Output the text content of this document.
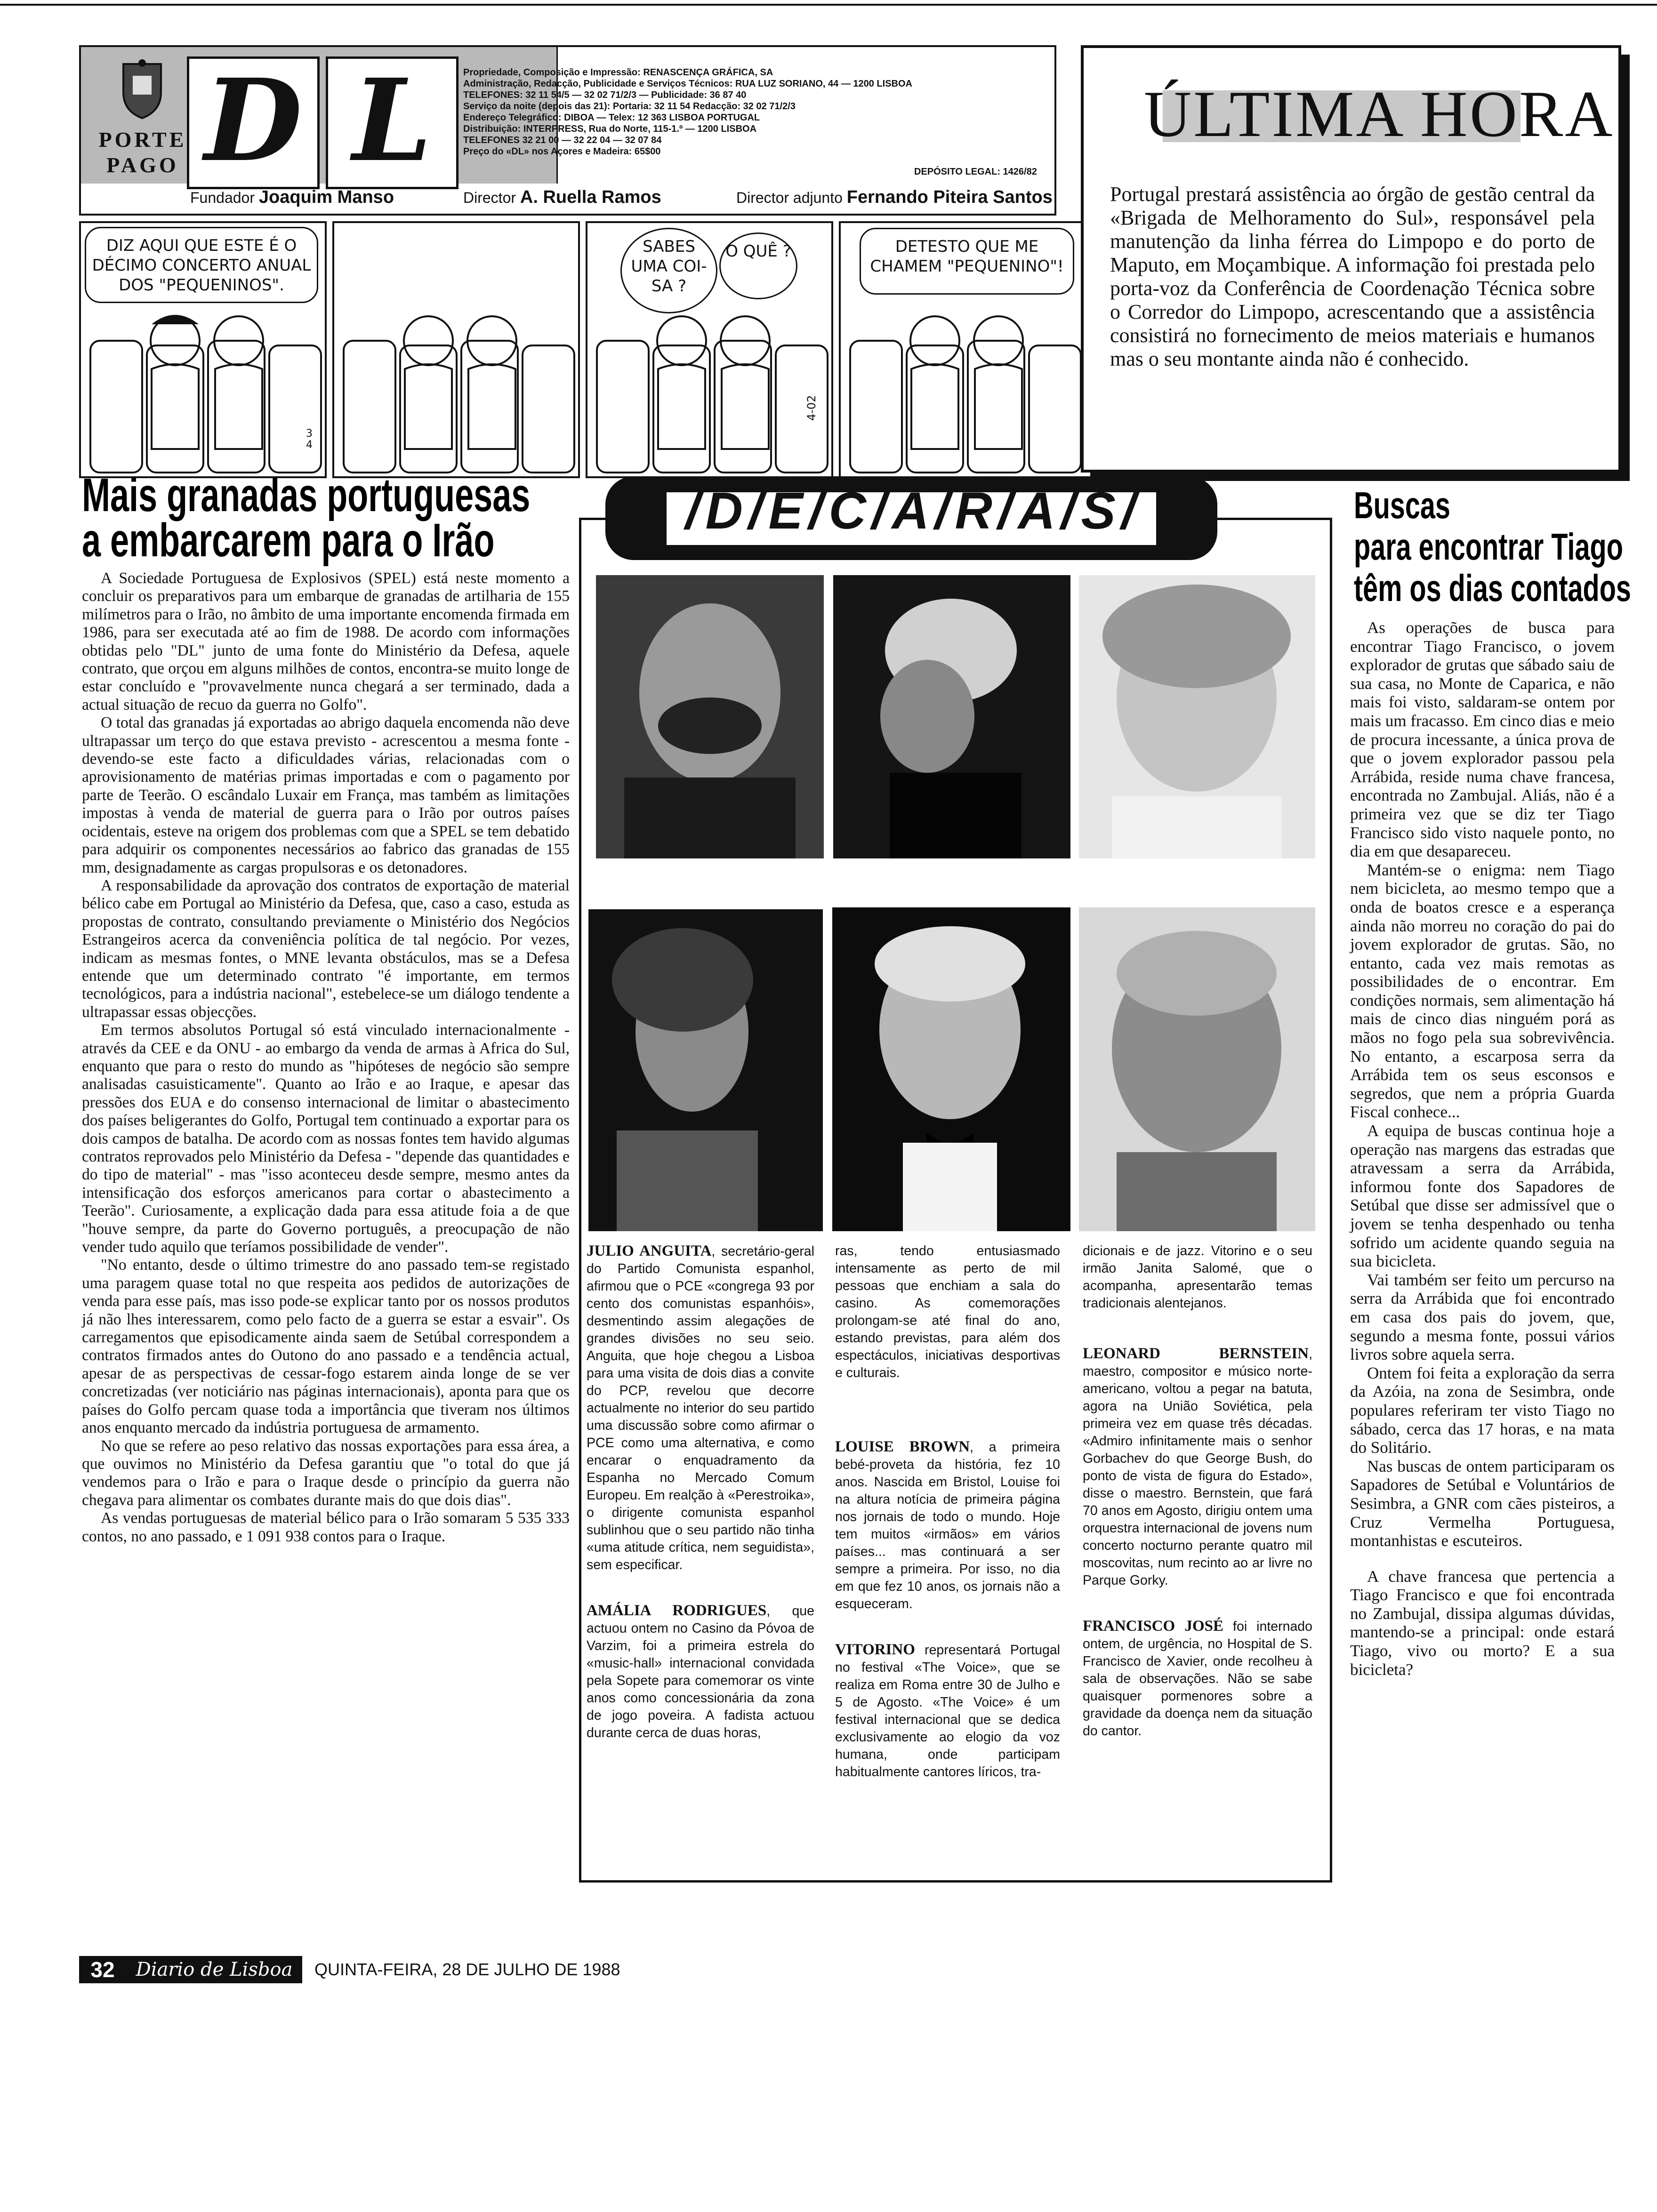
PORTE
PAGO D L	Propriedade, Composição e Impressão: RENASCENÇA GRÁFICA, SA
Administração, Redacção, Publicidade e Serviços Técnicos: RUA LUZ SORIANO, 44 — 1200 LISBOA
TELEFONES: 32 11 54/5 — 32 02 71/2/3 — Publicidade: 36 87 40
Serviço da noite (depois das 21): Portaria: 32 11 54 Redacção: 32 02 71/2/3
Endereço Telegráfico: DIBOA — Telex: 12 363 LISBOA PORTUGAL
Distribuição: INTERPRESS, Rua do Norte, 115-1.º — 1200 LISBOA
TELEFONES 32 21 00 — 32 22 04 — 32 07 84
Preço do «DL» nos Açores e Madeira: 65$00
DEPÓSITO LEGAL: 1426/82
Fundador Joaquim Manso	Director A. Ruella Ramos	Director adjunto Fernando Piteira Santos
DIZ AQUI QUE ESTE É O DÉCIMO CONCERTO ANUAL DOS "PEQUENINOS".
3 4
SABES UMA COI- SA ?
O QUÊ ?
4-02
DETESTO QUE ME CHAMEM "PEQUENINO"!
ÚLTIMA HORA
Portugal prestará assistência ao órgão de gestão central da «Brigada de Melhoramento do Sul», responsável pela manutenção da linha férrea do Limpopo e do porto de Maputo, em Moçambique. A informação foi prestada pelo porta-voz da Conferência de Coordenação Técnica sobre o Corredor do Limpopo, acrescentando que a assistência consistirá no fornecimento de meios materiais e humanos mas o seu montante ainda não é conhecido.
Mais granadas portuguesas
a embarcarem para o Irão

A Sociedade Portuguesa de Explosivos (SPEL) está neste momento a concluir os preparativos para um embarque de granadas de artilharia de 155 milímetros para o Irão, no âmbito de uma importante encomenda firmada em 1986, para ser executada até ao fim de 1988. De acordo com informações obtidas pelo "DL" junto de uma fonte do Ministério da Defesa, aquele contrato, que orçou em alguns milhões de contos, encontra-se muito longe de estar concluído e "provavelmente nunca chegará a ser terminado, dada a actual situação de recuo da guerra no Golfo".

O total das granadas já exportadas ao abrigo daquela encomenda não deve ultrapassar um terço do que estava previsto - acrescentou a mesma fonte - devendo-se este facto a dificuldades várias, relacionadas com o aprovisionamento de matérias primas importadas e com o pagamento por parte de Teerão. O escândalo Luxair em França, mas também as limitações impostas à venda de material de guerra para o Irão por outros países ocidentais, esteve na origem dos problemas com que a SPEL se tem debatido para adquirir os componentes necessários ao fabrico das granadas de 155 mm, designadamente as cargas propulsoras e os detonadores.

A responsabilidade da aprovação dos contratos de exportação de material bélico cabe em Portugal ao Ministério da Defesa, que, caso a caso, estuda as propostas de contrato, consultando previamente o Ministério dos Negócios Estrangeiros acerca da conveniência política de tal negócio. Por vezes, indicam as mesmas fontes, o MNE levanta obstáculos, mas se a Defesa entende que um determinado contrato "é importante, em termos tecnológicos, para a indústria nacional", estebelece-se um diálogo tendente a ultrapassar essas objecções.

Em termos absolutos Portugal só está vinculado internacionalmente - através da CEE e da ONU - ao embargo da venda de armas à Africa do Sul, enquanto que para o resto do mundo as "hipóteses de negócio são sempre analisadas casuisticamente". Quanto ao Irão e ao Iraque, e apesar das pressões dos EUA e do consenso internacional de limitar o abastecimento dos países beligerantes do Golfo, Portugal tem continuado a exportar para os dois campos de batalha. De acordo com as nossas fontes tem havido algumas contratos reprovados pelo Ministério da Defesa - "depende das quantidades e do tipo de material" - mas "isso aconteceu desde sempre, mesmo antes da intensificação dos esforços americanos para cortar o abastecimento a Teerão". Curiosamente, a explicação dada para essa atitude foia a de que "houve sempre, da parte do Governo português, a preocupação de não vender tudo aquilo que teríamos possibilidade de vender".

"No entanto, desde o último trimestre do ano passado tem-se registado uma paragem quase total no que respeita aos pedidos de autorizações de venda para esse país, mas isso pode-se explicar tanto por os nossos produtos já não lhes interessarem, como pelo facto de a guerra se estar a esvair". Os carregamentos que episodicamente ainda saem de Setúbal correspondem a contratos firmados antes do Outono do ano passado e a tendência actual, apesar de as perspectivas de cessar-fogo estarem ainda longe de se ver concretizadas (ver noticiário nas páginas internacionais), aponta para que os países do Golfo percam quase toda a importância que tiveram nos últimos anos enquanto mercado da indústria portuguesa de armamento.

No que se refere ao peso relativo das nossas exportações para essa área, a que ouvimos no Ministério da Defesa garantiu que "o total do que já vendemos para o Irão e para o Iraque desde o princípio da guerra não chegava para alimentar os combates durante mais do que dois dias".

As vendas portuguesas de material bélico para o Irão somaram 5 535 333 contos, no ano passado, e 1 091 938 contos para o Iraque.

/D/E/C/A/R/A/S/
JULIO ANGUITA, secretário-geral do Partido Comunista espanhol, afirmou que o PCE «congrega 93 por cento dos comunistas espanhóis», desmentindo assim alegações de grandes divisões no seu seio. Anguita, que hoje chegou a Lisboa para uma visita de dois dias a convite do PCP, revelou que decorre actualmente no interior do seu partido uma discussão sobre como afirmar o PCE como uma alternativa, e como encarar o enquadramento da Espanha no Mercado Comum Europeu. Em realção à «Perestroika», o dirigente comunista espanhol sublinhou que o seu partido não tinha «uma atitude crítica, nem seguidista», sem especificar.
AMÁLIA RODRIGUES, que actuou ontem no Casino da Póvoa de Varzim, foi a primeira estrela do «music-hall» internacional convidada pela Sopete para comemorar os vinte anos como concessionária da zona de jogo poveira. A fadista actuou durante cerca de duas horas,
ras, tendo entusiasmado intensamente as perto de mil pessoas que enchiam a sala do casino. As comemorações prolongam-se até final do ano, estando previstas, para além dos espectáculos, iniciativas desportivas e culturais.
LOUISE BROWN, a primeira bebé-proveta da história, fez 10 anos. Nascida em Bristol, Louise foi na altura notícia de primeira página nos jornais de todo o mundo. Hoje tem muitos «irmãos» em vários países... mas continuará a ser sempre a primeira. Por isso, no dia em que fez 10 anos, os jornais não a esqueceram.
VITORINO representará Portugal no festival «The Voice», que se realiza em Roma entre 30 de Julho e 5 de Agosto. «The Voice» é um festival internacional que se dedica exclusivamente ao elogio da voz humana, onde participam habitualmente cantores líricos, tra-
dicionais e de jazz. Vitorino e o seu irmão Janita Salomé, que o acompanha, apresentarão temas tradicionais alentejanos.
LEONARD BERNSTEIN, maestro, compositor e músico norte-americano, voltou a pegar na batuta, agora na União Soviética, pela primeira vez em quase três décadas. «Admiro infinitamente mais o senhor Gorbachev do que George Bush, do ponto de vista de figura do Estado», disse o maestro. Bernstein, que fará 70 anos em Agosto, dirigiu ontem uma orquestra internacional de jovens num concerto nocturno perante quatro mil moscovitas, num recinto ao ar livre no Parque Gorky.
FRANCISCO JOSÉ foi internado ontem, de urgência, no Hospital de S. Francisco de Xavier, onde recolheu à sala de observações. Não se sabe quaisquer pormenores sobre a gravidade da doença nem da situação do cantor.
Buscas
para encontrar Tiago
têm os dias contados

As operações de busca para encontrar Tiago Francisco, o jovem explorador de grutas que sábado saiu de sua casa, no Monte de Caparica, e não mais foi visto, saldaram-se ontem por mais um fracasso. Em cinco dias e meio de procura incessante, a única prova de que o jovem explorador passou pela Arrábida, reside numa chave francesa, encontrada no Zambujal. Aliás, não é a primeira vez que se diz ter Tiago Francisco sido visto naquele ponto, no dia em que desapareceu.

Mantém-se o enigma: nem Tiago nem bicicleta, ao mesmo tempo que a onda de boatos cresce e a esperança ainda não morreu no coração do pai do jovem explorador de grutas. São, no entanto, cada vez mais remotas as possibilidades de o encontrar. Em condições normais, sem alimentação há mais de cinco dias ninguém porá as mãos no fogo pela sua sobrevivência. No entanto, a escarposa serra da Arrábida tem os seus esconsos e segredos, que nem a própria Guarda Fiscal conhece...

A equipa de buscas continua hoje a operação nas margens das estradas que atravessam a serra da Arrábida, informou fonte dos Sapadores de Setúbal que disse ser admissível que o jovem se tenha despenhado ou tenha sofrido um acidente quando seguia na sua bicicleta.

Vai também ser feito um percurso na serra da Arrábida que foi encontrado em casa dos pais do jovem, que, segundo a mesma fonte, possui vários livros sobre aquela serra.

Ontem foi feita a exploração da serra da Azóia, na zona de Sesimbra, onde populares referiram ter visto Tiago no sábado, cerca das 17 horas, e na mata do Solitário.

Nas buscas de ontem participaram os Sapadores de Setúbal e Voluntários de Sesimbra, a GNR com cães pisteiros, a Cruz Vermelha Portuguesa, montanhistas e escuteiros.

A chave francesa que pertencia a Tiago Francisco e que foi encontrada no Zambujal, dissipa algumas dúvidas, mantendo-se a principal: onde estará Tiago, vivo ou morto? E a sua bicicleta?

32	Diario de Lisboa	QUINTA-FEIRA, 28 DE JULHO DE 1988
